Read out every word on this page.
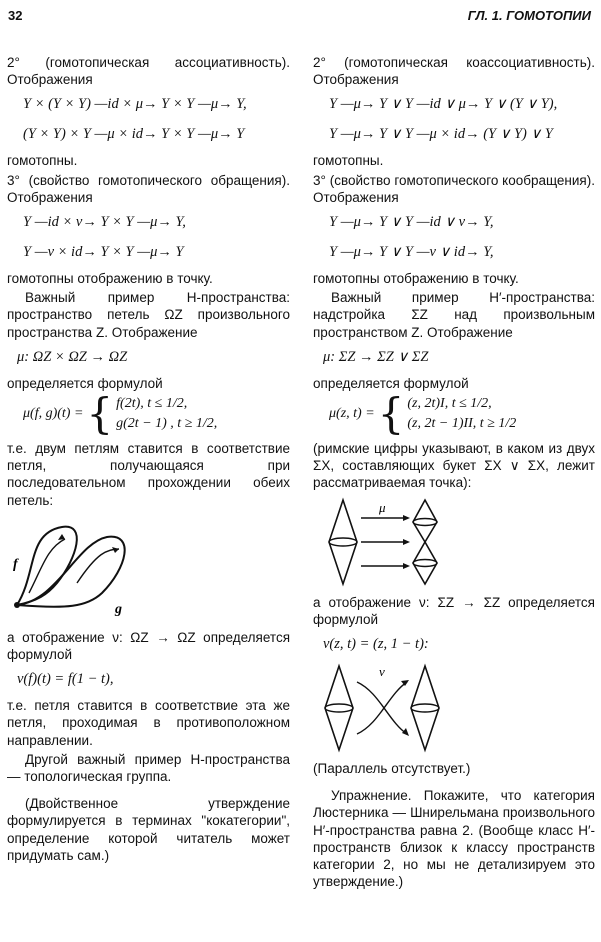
32	ГЛ. 1. ГОМОТОПИИ

2° (гомотопическая ассоциативность). Отображения

Y × (Y × Y) —id × μ→ Y × Y —μ→ Y,
(Y × Y) × Y —μ × id→ Y × Y —μ→ Y

гомотопны.

3° (свойство гомотопического обращения). Отображения

Y —id × ν→ Y × Y —μ→ Y,
Y —ν × id→ Y × Y —μ→ Y

гомотопны отображению в точку.

Важный пример H-пространства: пространство петель ΩZ произвольного пространства Z. Отображение

μ: ΩZ × ΩZ → ΩZ

определяется формулой

μ(f, g)(t) = { f(2t), t ≤ 1/2,
g(2t − 1) , t ≥ 1/2,

т.е. двум петлям ставится в соответствие петля, получающаяся при последовательном прохождении обеих петель:

f
g

а отображение ν: ΩZ → ΩZ определяется формулой

ν(f)(t) = f(1 − t),

т.е. петля ставится в соответствие эта же петля, проходимая в противоположном направлении.

Другой важный пример H-пространства — топологическая группа.

(Двойственное утверждение формулируется в терминах "кокатегории", определение которой читатель может придумать сам.)

2° (гомотопическая коассоциативность). Отображения

Y —μ→ Y ∨ Y —id ∨ μ→ Y ∨ (Y ∨ Y),
Y —μ→ Y ∨ Y —μ × id→ (Y ∨ Y) ∨ Y

гомотопны.

3° (свойство гомотопического кообращения). Отображения

Y —μ→ Y ∨ Y —id ∨ ν→ Y,
Y —μ→ Y ∨ Y —ν ∨ id→ Y,

гомотопны отображению в точку.

Важный пример H′-пространства: надстройка ΣZ над произвольным пространством Z. Отображение

μ: ΣZ → ΣZ ∨ ΣZ

определяется формулой

μ(z, t) = { (z, 2t)I, t ≤ 1/2,
(z, 2t − 1)II, t ≥ 1/2

(римские цифры указывают, в каком из двух ΣX, составляющих букет ΣX ∨ ΣX, лежит рассматриваемая точка):

μ

а отображение ν: ΣZ → ΣZ определяется формулой

ν(z, t) = (z, 1 − t):
ν

(Параллель отсутствует.)

Упражнение. Покажите, что категория Люстерника — Шнирельмана произвольного H′-пространства равна 2. (Вообще класс H′-пространств близок к классу пространств категории 2, но мы не детализируем это утверждение.)
